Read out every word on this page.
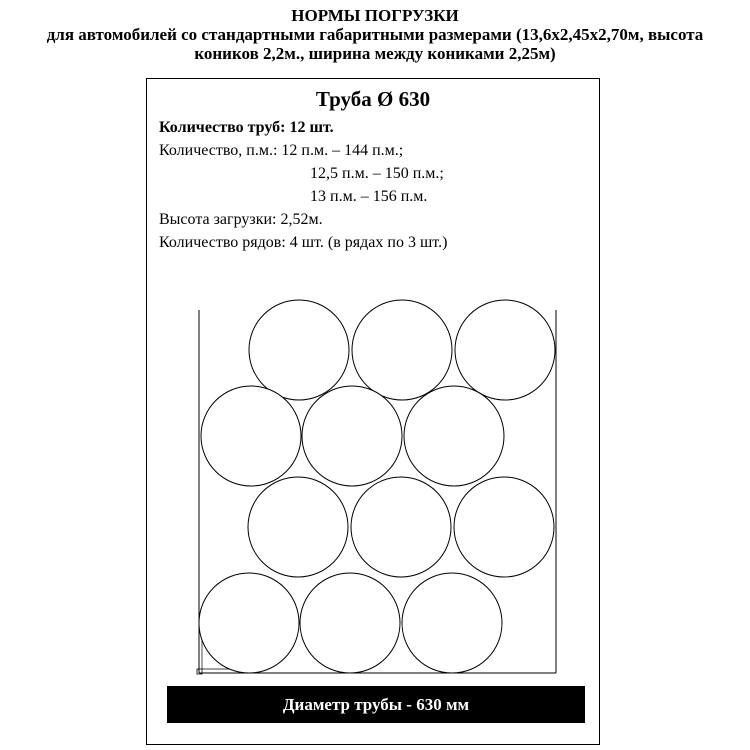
НОРМЫ ПОГРУЗКИ
для автомобилей со стандартными габаритными размерами (13,6х2,45х2,70м, высота
коников 2,2м., ширина между кониками 2,25м)
Труба Ø 630
Количество труб: 12 шт.
Количество, п.м.: 12 п.м. – 144 п.м.;
12,5 п.м. – 150 п.м.;
13 п.м. – 156 п.м.
Высота загрузки: 2,52м.
Количество рядов: 4 шт. (в рядах по 3 шт.)
Диаметр трубы - 630 мм
